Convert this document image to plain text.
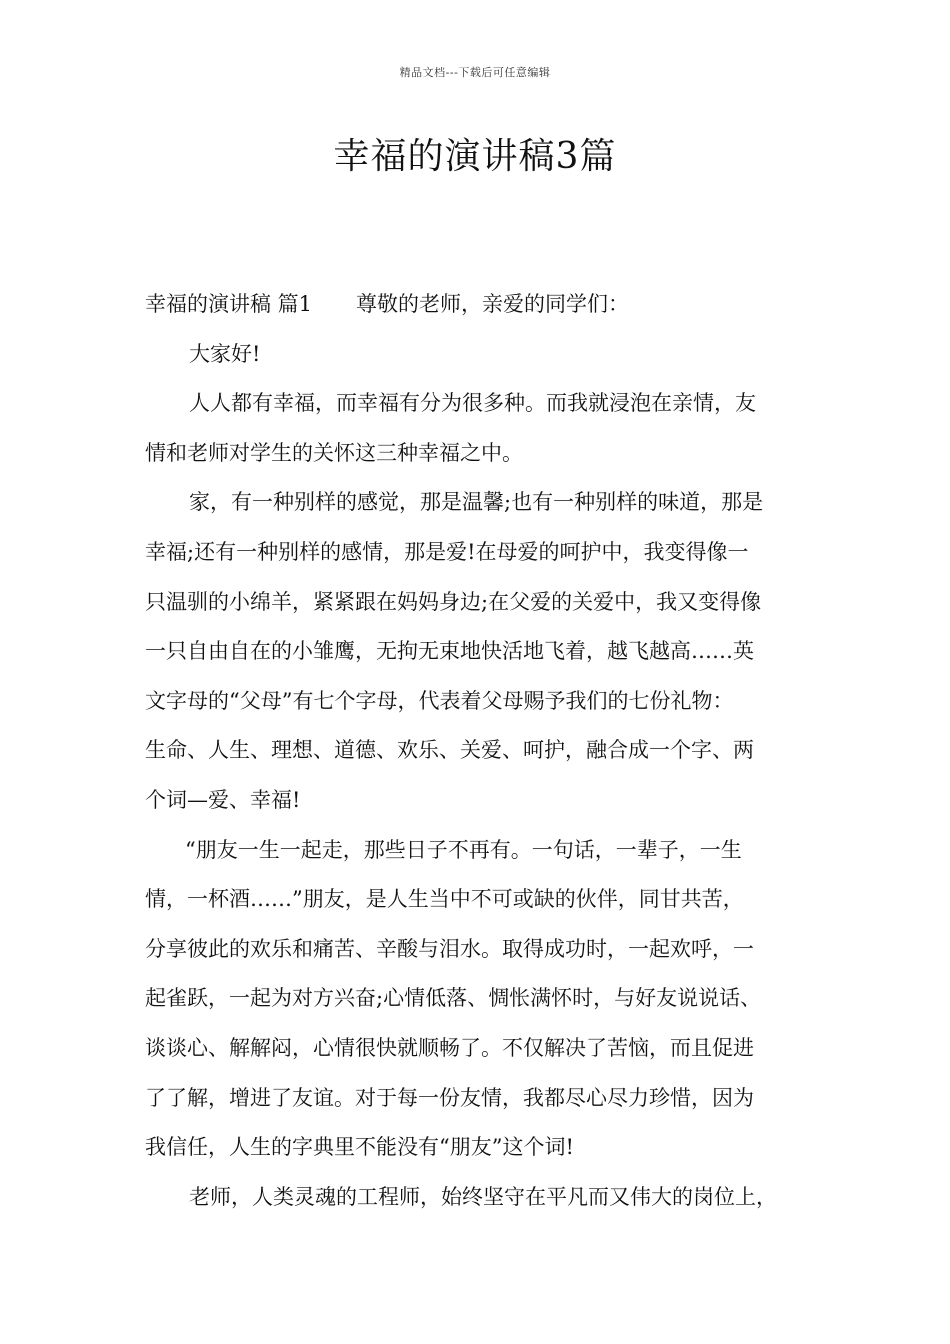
精品文档---下载后可任意编辑
幸福的演讲稿3篇
幸福的演讲稿 篇1 尊敬的老师，亲爱的同学们：
大家好!
人人都有幸福，而幸福有分为很多种。而我就浸泡在亲情，友
情和老师对学生的关怀这三种幸福之中。
家，有一种别样的感觉，那是温馨;也有一种别样的味道，那是
幸福;还有一种别样的感情，那是爱!在母爱的呵护中，我变得像一
只温驯的小绵羊，紧紧跟在妈妈身边;在父爱的关爱中，我又变得像
一只自由自在的小雏鹰，无拘无束地快活地飞着，越飞越高……英
文字母的“父母”有七个字母，代表着父母赐予我们的七份礼物：
生命、人生、理想、道德、欢乐、关爱、呵护，融合成一个字、两
个词—爱、幸福!
“朋友一生一起走，那些日子不再有。一句话，一辈子，一生
情，一杯酒……”朋友，是人生当中不可或缺的伙伴，同甘共苦，
分享彼此的欢乐和痛苦、辛酸与泪水。取得成功时，一起欢呼，一
起雀跃，一起为对方兴奋;心情低落、惆怅满怀时，与好友说说话、
谈谈心、解解闷，心情很快就顺畅了。不仅解决了苦恼，而且促进
了了解，增进了友谊。对于每一份友情，我都尽心尽力珍惜，因为
我信任，人生的字典里不能没有“朋友”这个词!
老师，人类灵魂的工程师，始终坚守在平凡而又伟大的岗位上，
